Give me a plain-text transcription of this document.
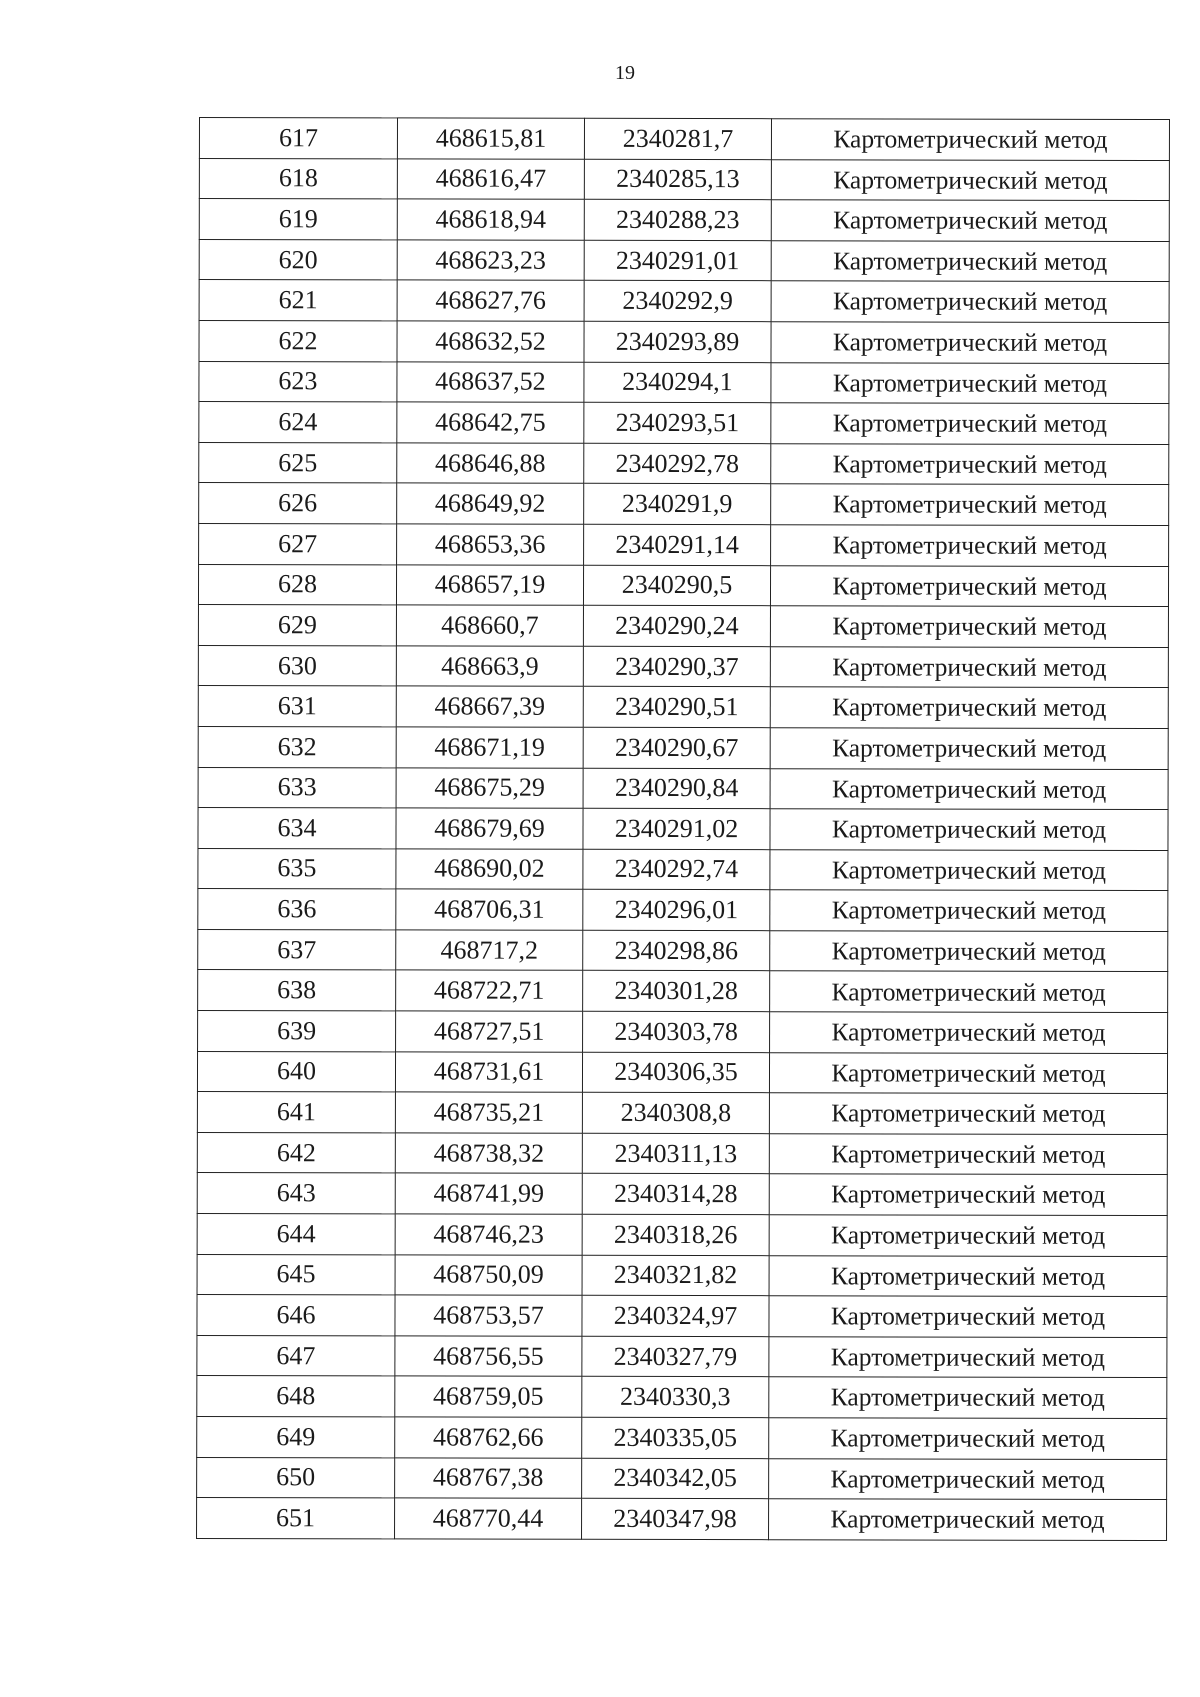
19
617	468615,81	2340281,7	Картометрический метод
618	468616,47	2340285,13	Картометрический метод
619	468618,94	2340288,23	Картометрический метод
620	468623,23	2340291,01	Картометрический метод
621	468627,76	2340292,9	Картометрический метод
622	468632,52	2340293,89	Картометрический метод
623	468637,52	2340294,1	Картометрический метод
624	468642,75	2340293,51	Картометрический метод
625	468646,88	2340292,78	Картометрический метод
626	468649,92	2340291,9	Картометрический метод
627	468653,36	2340291,14	Картометрический метод
628	468657,19	2340290,5	Картометрический метод
629	468660,7	2340290,24	Картометрический метод
630	468663,9	2340290,37	Картометрический метод
631	468667,39	2340290,51	Картометрический метод
632	468671,19	2340290,67	Картометрический метод
633	468675,29	2340290,84	Картометрический метод
634	468679,69	2340291,02	Картометрический метод
635	468690,02	2340292,74	Картометрический метод
636	468706,31	2340296,01	Картометрический метод
637	468717,2	2340298,86	Картометрический метод
638	468722,71	2340301,28	Картометрический метод
639	468727,51	2340303,78	Картометрический метод
640	468731,61	2340306,35	Картометрический метод
641	468735,21	2340308,8	Картометрический метод
642	468738,32	2340311,13	Картометрический метод
643	468741,99	2340314,28	Картометрический метод
644	468746,23	2340318,26	Картометрический метод
645	468750,09	2340321,82	Картометрический метод
646	468753,57	2340324,97	Картометрический метод
647	468756,55	2340327,79	Картометрический метод
648	468759,05	2340330,3	Картометрический метод
649	468762,66	2340335,05	Картометрический метод
650	468767,38	2340342,05	Картометрический метод
651	468770,44	2340347,98	Картометрический метод
